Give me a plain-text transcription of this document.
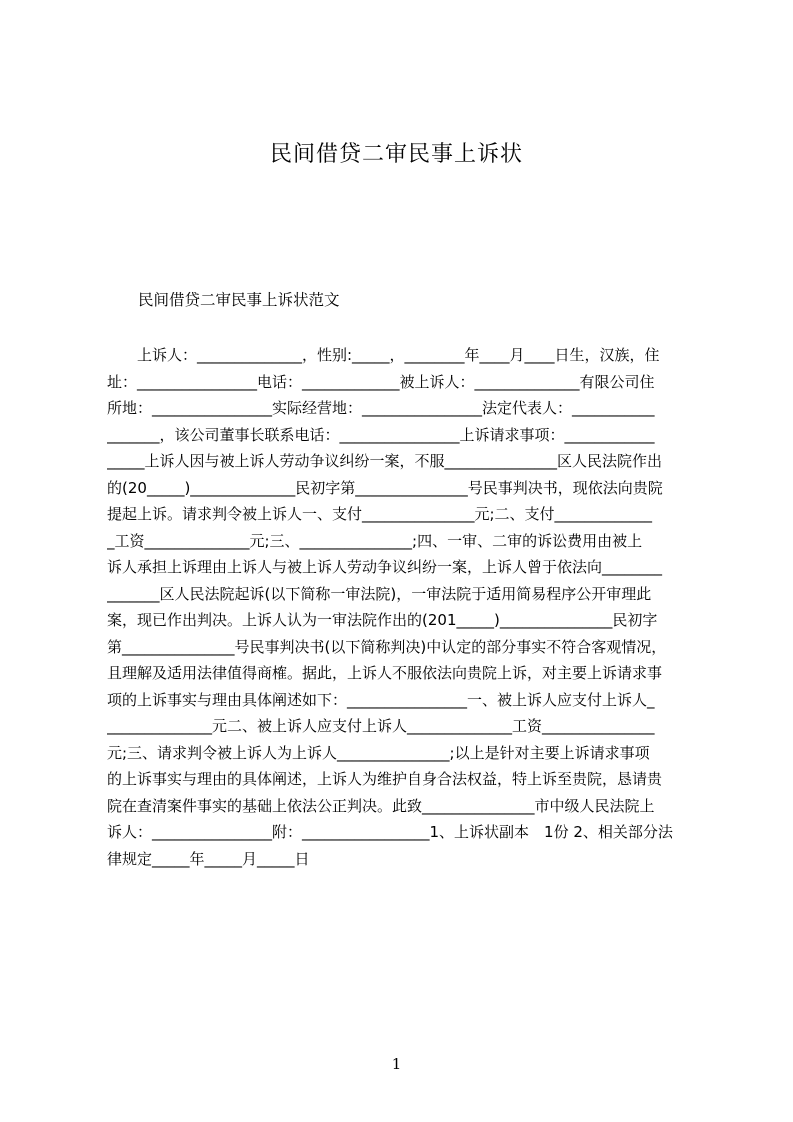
民间借贷二审民事上诉状
民间借贷二审民事上诉状范文
　　上诉人：______________，性别:_____，________年____月____日生，汉族，住
址：________________电话：_____________被上诉人：______________有限公司住
所地：________________实际经营地：________________法定代表人：___________
_______，该公司董事长联系电话：________________上诉请求事项：____________
_____上诉人因与被上诉人劳动争议纠纷一案，不服_______________区人民法院作出
的(20_____)______________民初字第_______________号民事判决书，现依法向贵院
提起上诉。请求判令被上诉人一、支付_______________元;二、支付_____________
_工资______________元;三、_______________;四、一审、二审的诉讼费用由被上
诉人承担上诉理由上诉人与被上诉人劳动争议纠纷一案，上诉人曾于依法向________
_______区人民法院起诉(以下简称一审法院)，一审法院于适用简易程序公开审理此
案，现已作出判决。上诉人认为一审法院作出的(201_____)_______________民初字
第_______________号民事判决书(以下简称判决)中认定的部分事实不符合客观情况，
且理解及适用法律值得商榷。据此，上诉人不服依法向贵院上诉，对主要上诉请求事
项的上诉事实与理由具体阐述如下：________________一、被上诉人应支付上诉人_
______________元二、被上诉人应支付上诉人______________工资_______________
元;三、请求判令被上诉人为上诉人_______________;以上是针对主要上诉请求事项
的上诉事实与理由的具体阐述，上诉人为维护自身合法权益，特上诉至贵院，恳请贵
院在查清案件事实的基础上依法公正判决。此致_______________市中级人民法院上
诉人：________________附：_________________1、上诉状副本　1份 2、相关部分法
律规定_____年_____月_____日
1
